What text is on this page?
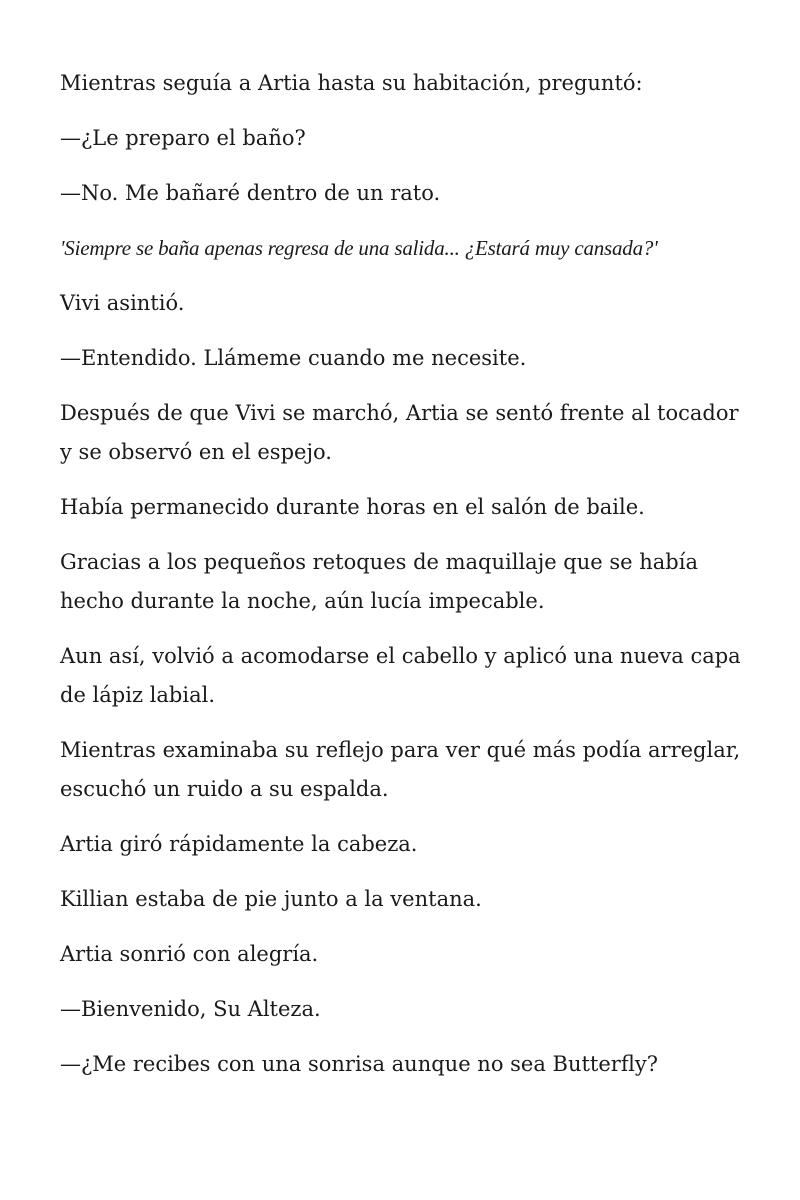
Mientras seguía a Artia hasta su habitación, preguntó:

—¿Le preparo el baño?

—No. Me bañaré dentro de un rato.

'Siempre se baña apenas regresa de una salida... ¿Estará muy cansada?'

Vivi asintió.

—Entendido. Llámeme cuando me necesite.

Después de que Vivi se marchó, Artia se sentó frente al tocador y se observó en el espejo.

Había permanecido durante horas en el salón de baile.

Gracias a los pequeños retoques de maquillaje que se había hecho durante la noche, aún lucía impecable.

Aun así, volvió a acomodarse el cabello y aplicó una nueva capa de lápiz labial.

Mientras examinaba su reflejo para ver qué más podía arreglar, escuchó un ruido a su espalda.

Artia giró rápidamente la cabeza.

Killian estaba de pie junto a la ventana.

Artia sonrió con alegría.

—Bienvenido, Su Alteza.

—¿Me recibes con una sonrisa aunque no sea Butterfly?
